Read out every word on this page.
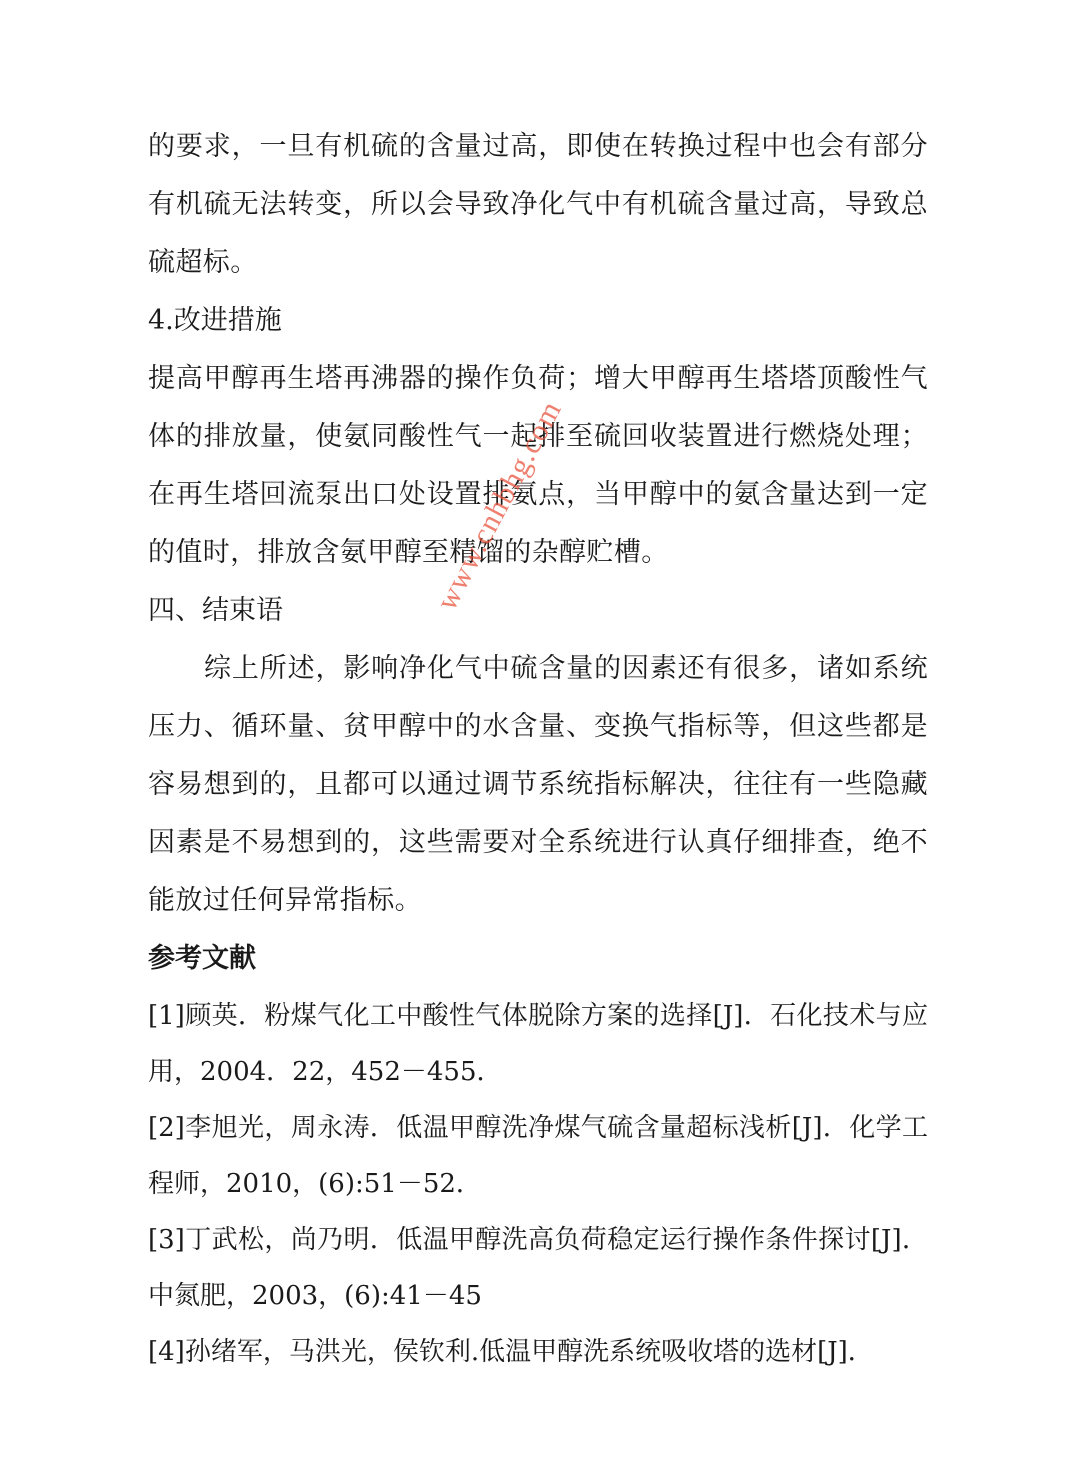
的要求，一旦有机硫的含量过高，即使在转换过程中也会有部分有机硫无法转变，所以会导致净化气中有机硫含量过高，导致总硫超标。

4.改进措施

提高甲醇再生塔再沸器的操作负荷；增大甲醇再生塔塔顶酸性气体的排放量，使氨同酸性气一起排至硫回收装置进行燃烧处理；在再生塔回流泵出口处设置排氨点，当甲醇中的氨含量达到一定的值时，排放含氨甲醇至精馏的杂醇贮槽。

四、结束语

综上所述，影响净化气中硫含量的因素还有很多，诸如系统压力、循环量、贫甲醇中的水含量、变换气指标等，但这些都是容易想到的，且都可以通过调节系统指标解决，往往有一些隐藏因素是不易想到的，这些需要对全系统进行认真仔细排查，绝不能放过任何异常指标。

参考文献

[1]顾英．粉煤气化工中酸性气体脱除方案的选择[J]．石化技术与应用，2004．22，452－455．

[2]李旭光，周永涛．低温甲醇洗净煤气硫含量超标浅析[J]．化学工程师，2010，(6):51－52．

[3]丁武松，尚乃明．低温甲醇洗高负荷稳定运行操作条件探讨[J]．中氮肥，2003，(6):41－45

[4]孙绪军，马洪光，侯钦利.低温甲醇洗系统吸收塔的选材[J]．

www.cnhbhg.com
